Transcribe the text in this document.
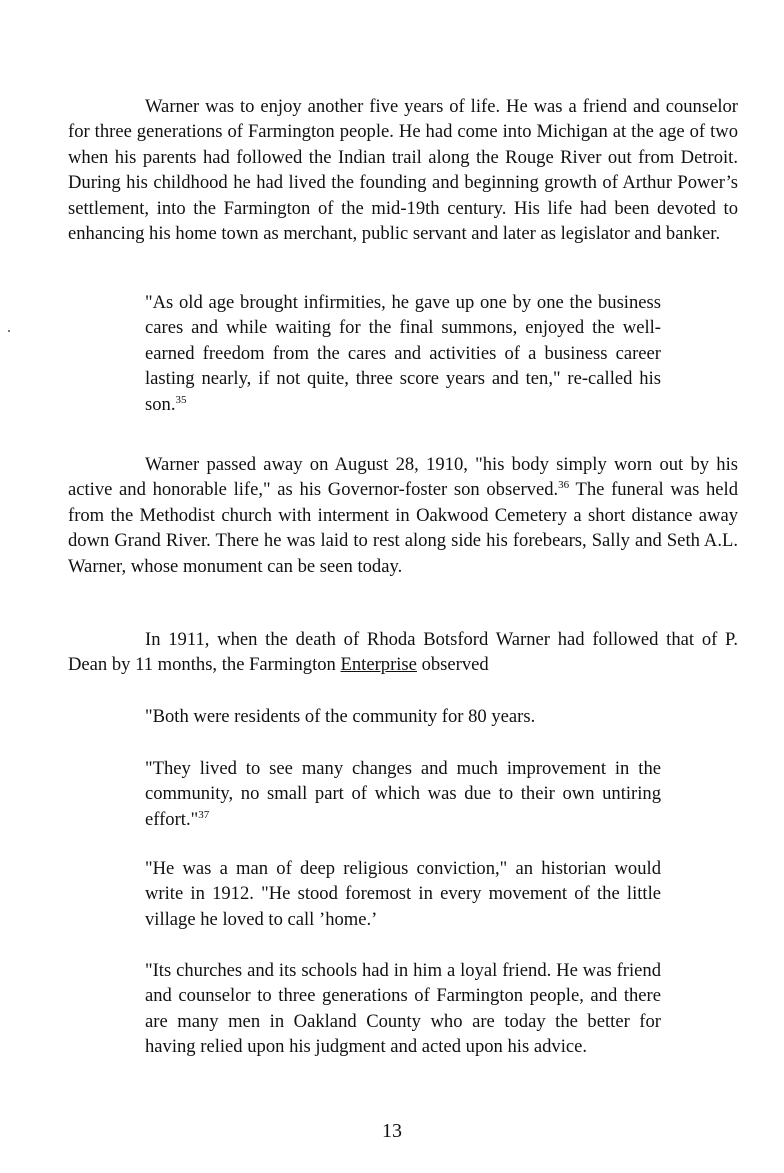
Warner was to enjoy another five years of life. He was a friend and counselor for three generations of Farmington people. He had come into Michigan at the age of two when his parents had followed the Indian trail along the Rouge River out from Detroit. During his childhood he had lived the founding and beginning growth of Arthur Power’s settlement, into the Farmington of the mid-19th century. His life had been devoted to enhancing his home town as merchant, public servant and later as legislator and banker.

"As old age brought infirmities, he gave up one by one the business cares and while waiting for the final summons, enjoyed the well-earned freedom from the cares and activities of a business career lasting nearly, if not quite, three score years and ten," re-called his son.$^{35}$

Warner passed away on August 28, 1910, "his body simply worn out by his active and honorable life," as his Governor-foster son observed.$^{36}$ The funeral was held from the Methodist church with interment in Oakwood Cemetery a short distance away down Grand River. There he was laid to rest along side his forebears, Sally and Seth A.L. Warner, whose monument can be seen today.

In 1911, when the death of Rhoda Botsford Warner had followed that of P. Dean by 11 months, the Farmington Enterprise observed

"Both were residents of the community for 80 years.

"They lived to see many changes and much improvement in the community, no small part of which was due to their own untiring effort."$^{37}$

"He was a man of deep religious conviction," an historian would write in 1912. "He stood foremost in every movement of the little village he loved to call ’home.’

"Its churches and its schools had in him a loyal friend. He was friend and counselor to three generations of Farmington people, and there are many men in Oakland County who are today the better for having relied upon his judgment and acted upon his advice.

13
